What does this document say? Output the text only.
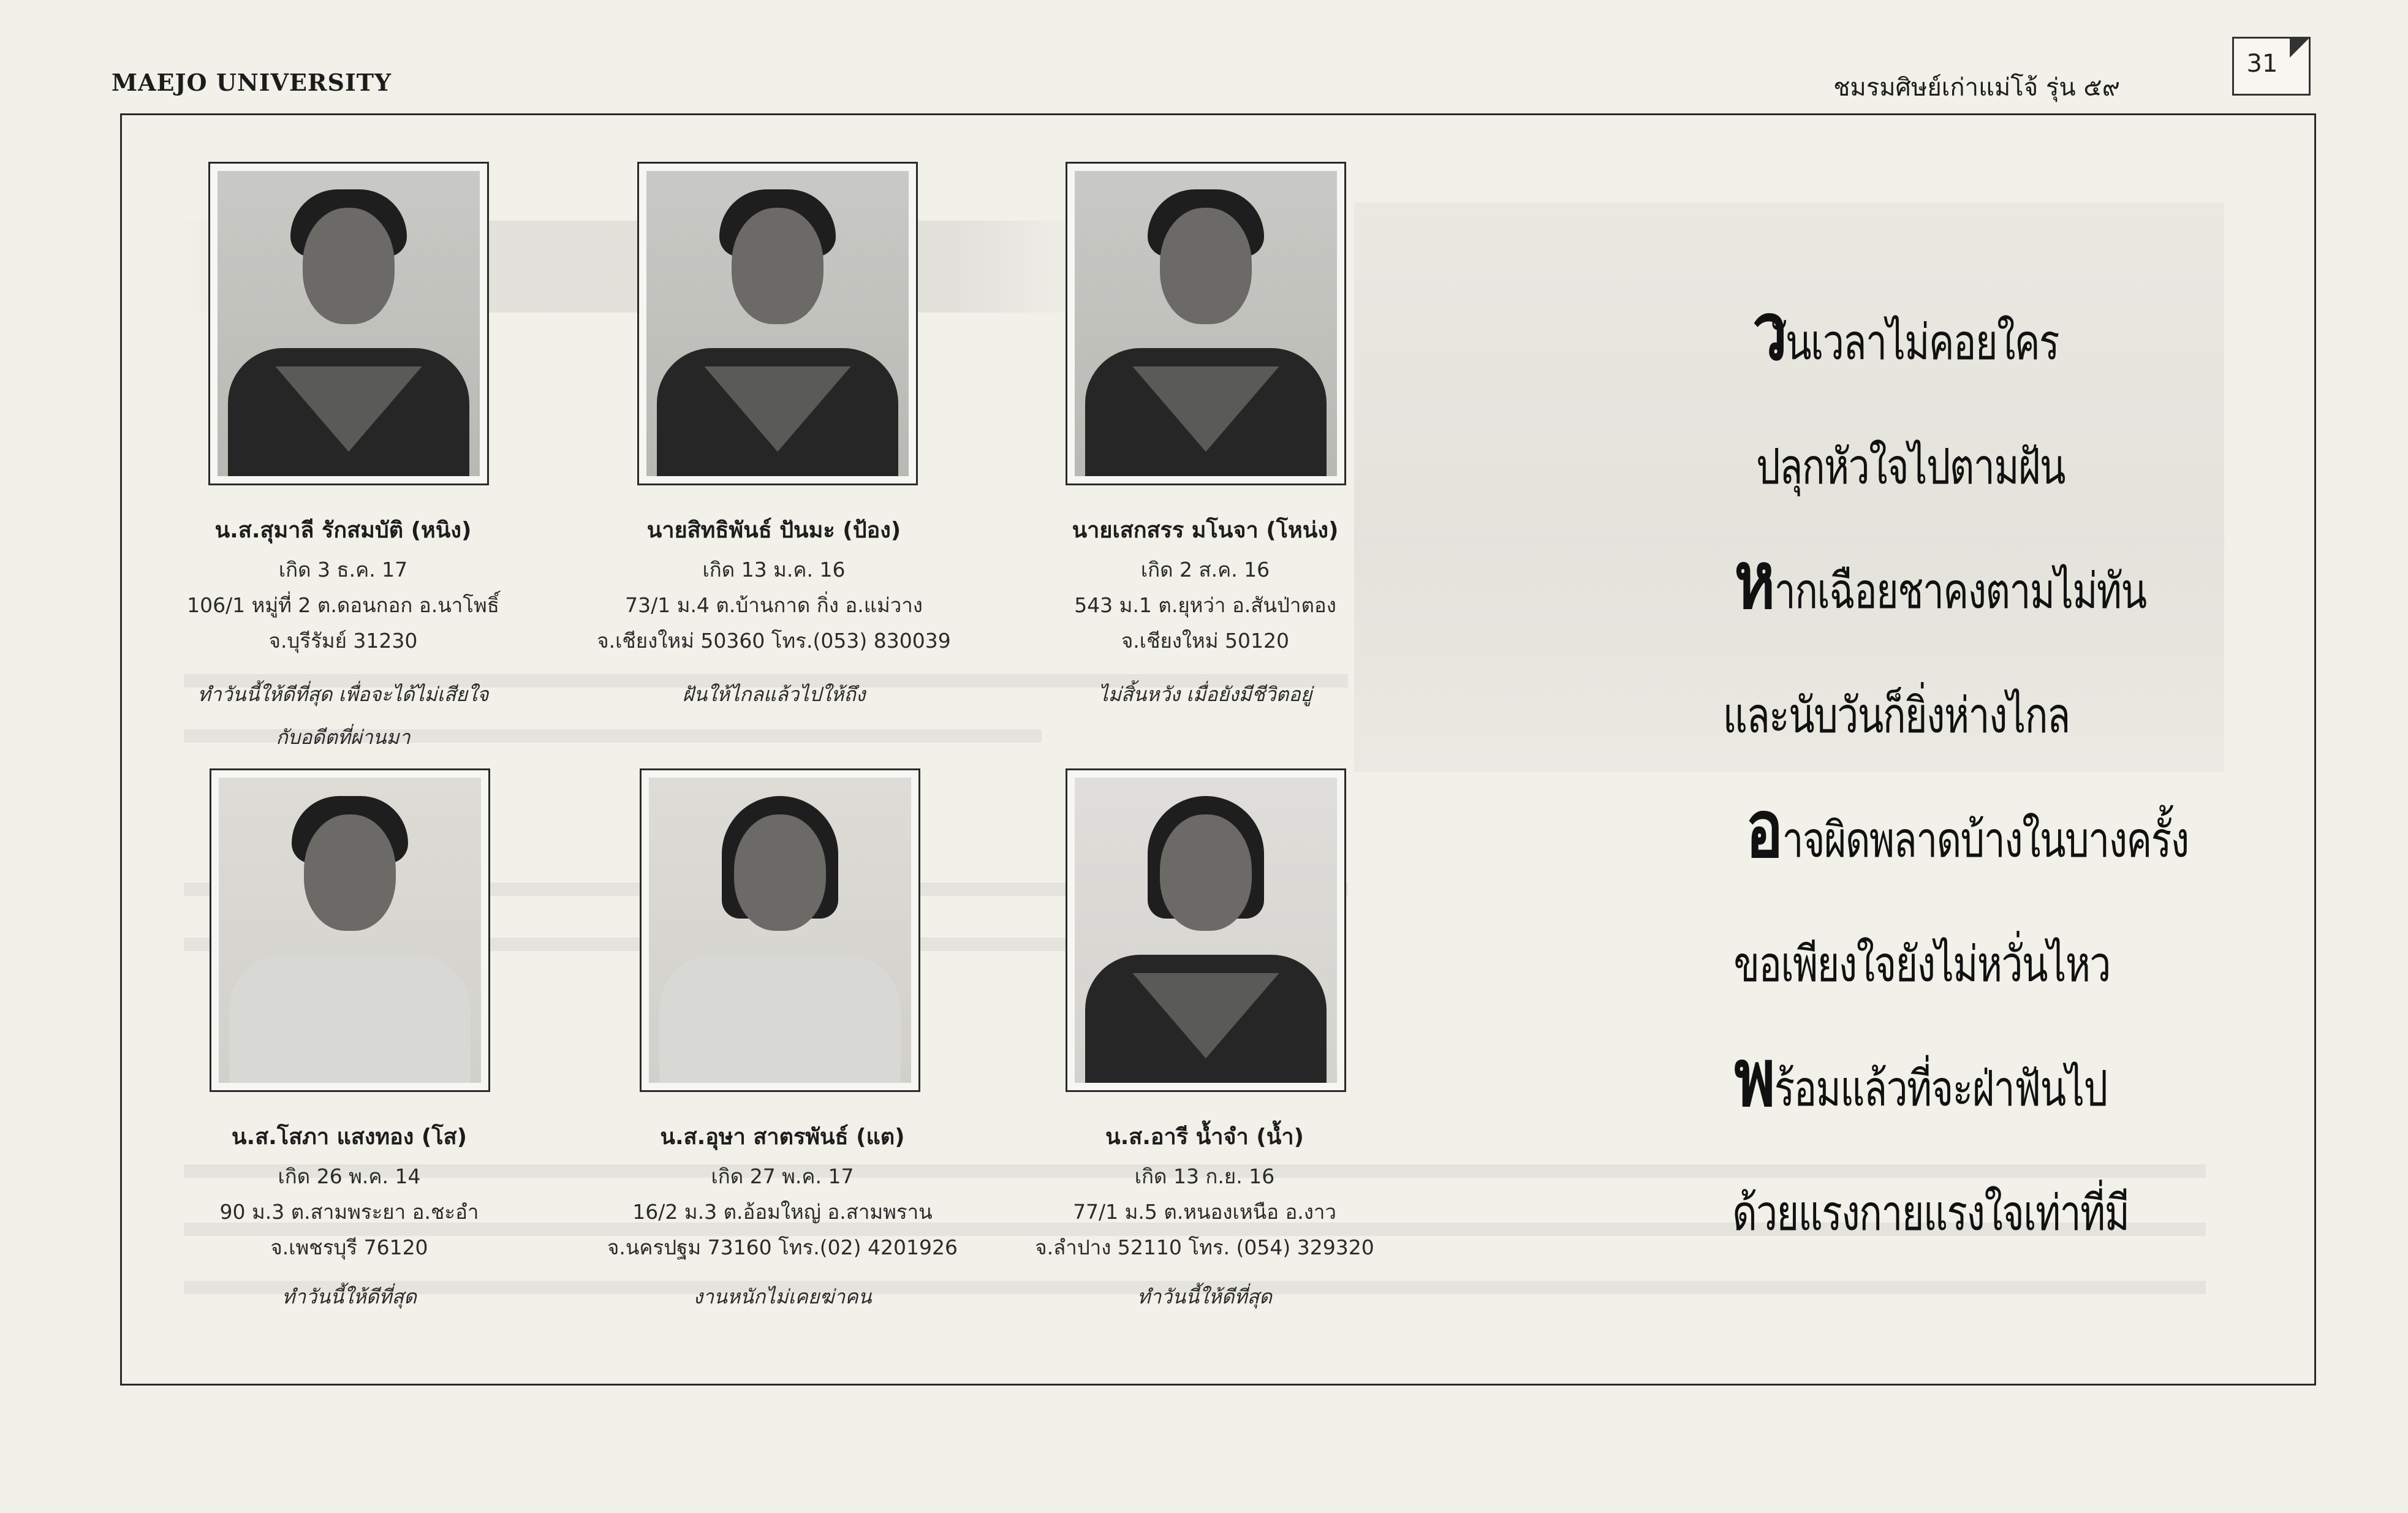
MAEJO UNIVERSITY	ชมรมศิษย์เก่าแม่โจ้ รุ่น ๕๙
31
น.ส.สุมาลี รักสมบัติ (หนิง)
เกิด 3 ธ.ค. 17
106/1 หมู่ที่ 2 ต.ดอนกอก อ.นาโพธิ์
จ.บุรีรัมย์ 31230
ทำวันนี้ให้ดีที่สุด เพื่อจะได้ไม่เสียใจ
กับอดีตที่ผ่านมา
นายสิทธิพันธ์ ปันมะ (ป้อง)
เกิด 13 ม.ค. 16
73/1 ม.4 ต.บ้านกาด กิ่ง อ.แม่วาง
จ.เชียงใหม่ 50360 โทร.(053) 830039
ฝันให้ไกลแล้วไปให้ถึง
นายเสกสรร มโนจา (โหน่ง)
เกิด 2 ส.ค. 16
543 ม.1 ต.ยุหว่า อ.สันป่าตอง
จ.เชียงใหม่ 50120
ไม่สิ้นหวัง เมื่อยังมีชีวิตอยู่
น.ส.โสภา แสงทอง (โส)
เกิด 26 พ.ค. 14
90 ม.3 ต.สามพระยา อ.ชะอำ
จ.เพชรบุรี 76120
ทำวันนี้ให้ดีที่สุด
น.ส.อุษา สาตรพันธ์ (แต)
เกิด 27 พ.ค. 17
16/2 ม.3 ต.อ้อมใหญ่ อ.สามพราน
จ.นครปฐม 73160 โทร.(02) 4201926
งานหนักไม่เคยฆ่าคน
น.ส.อารี น้ำจำ (น้ำ)
เกิด 13 ก.ย. 16
77/1 ม.5 ต.หนองเหนือ อ.งาว
จ.ลำปาง 52110 โทร. (054) 329320
ทำวันนี้ให้ดีที่สุด
วันเวลาไม่คอยใคร
ปลุกหัวใจไปตามฝัน
หากเฉือยชาคงตามไม่ทัน
และนับวันก็ยิ่งห่างไกล
อาจผิดพลาดบ้างในบางครั้ง
ขอเพียงใจยังไม่หวั่นไหว
พร้อมแล้วที่จะฝ่าฟันไป
ด้วยแรงกายแรงใจเท่าที่มี
